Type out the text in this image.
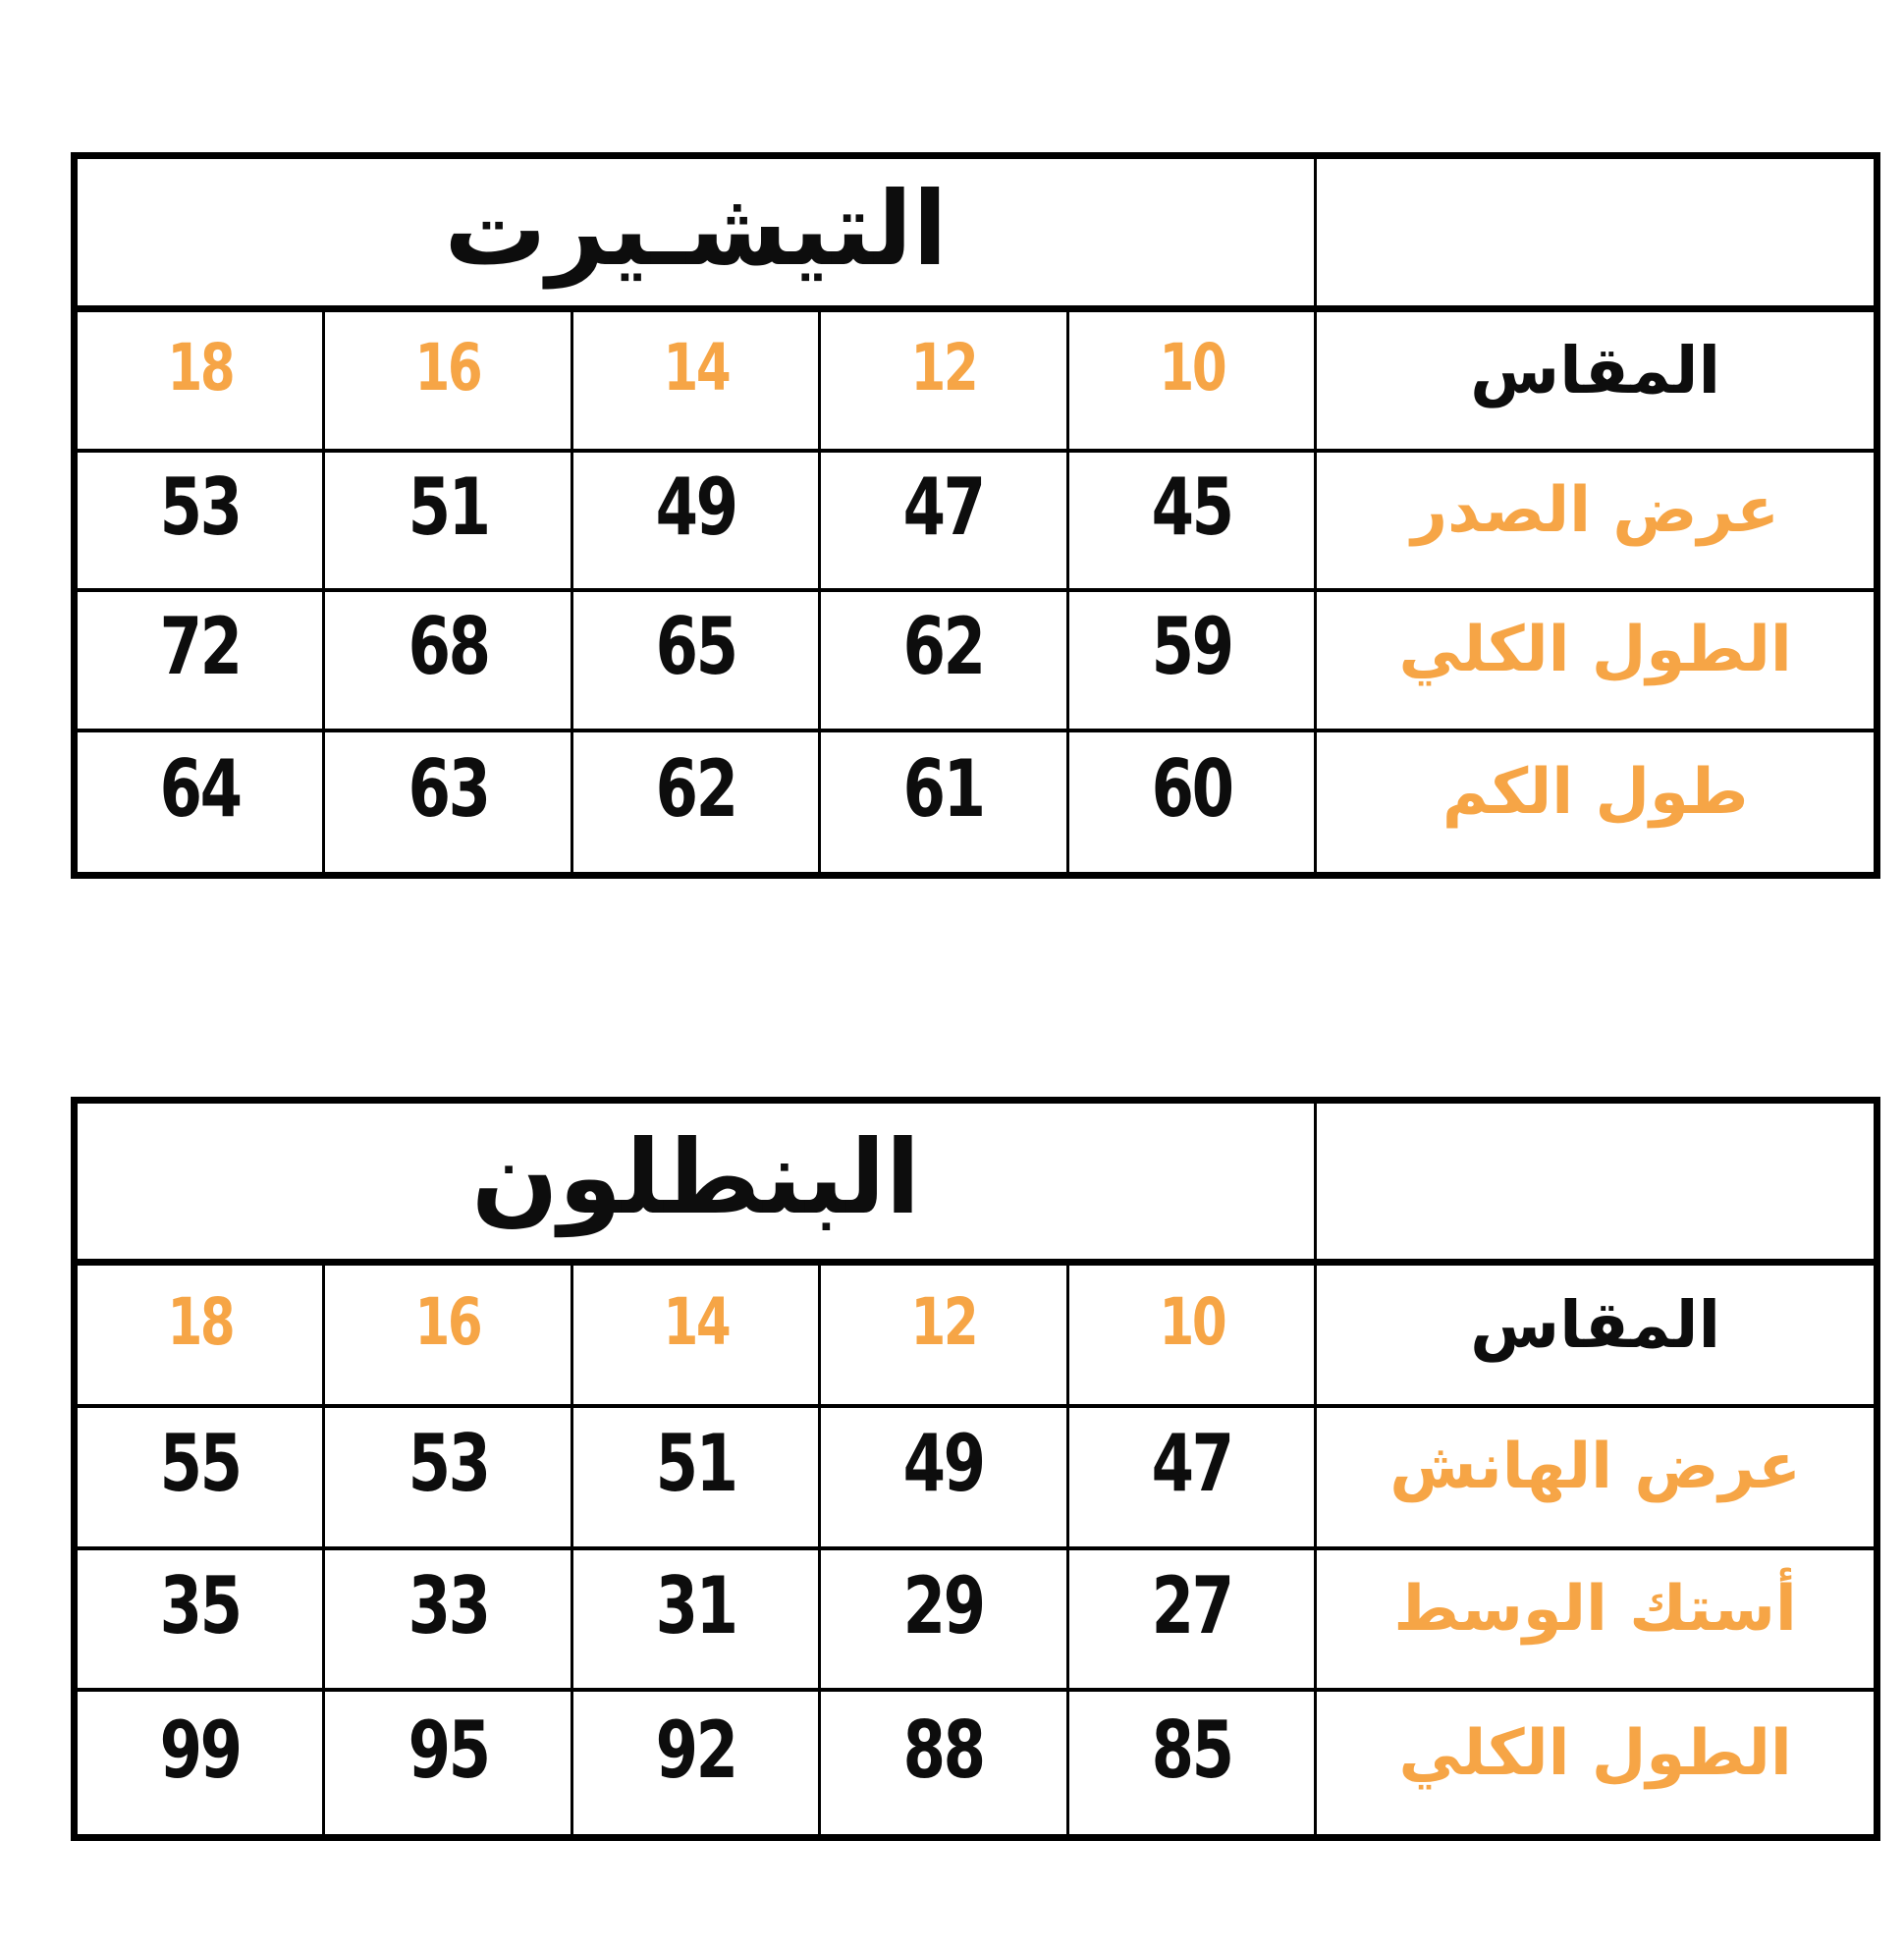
التيشـيرت
18	16	14	12	10	المقاس
53 51 49 47 45	عرض الصدر
72 68 65 62 59	الطول الكلي
64 63 62 61 60	طول الكم
البنطلون
18	16	14	12	10	المقاس
55 53 51 49 47	عرض الهانش
35 33 31 29 27	أستك الوسط
99 95 92 88 85	الطول الكلي
